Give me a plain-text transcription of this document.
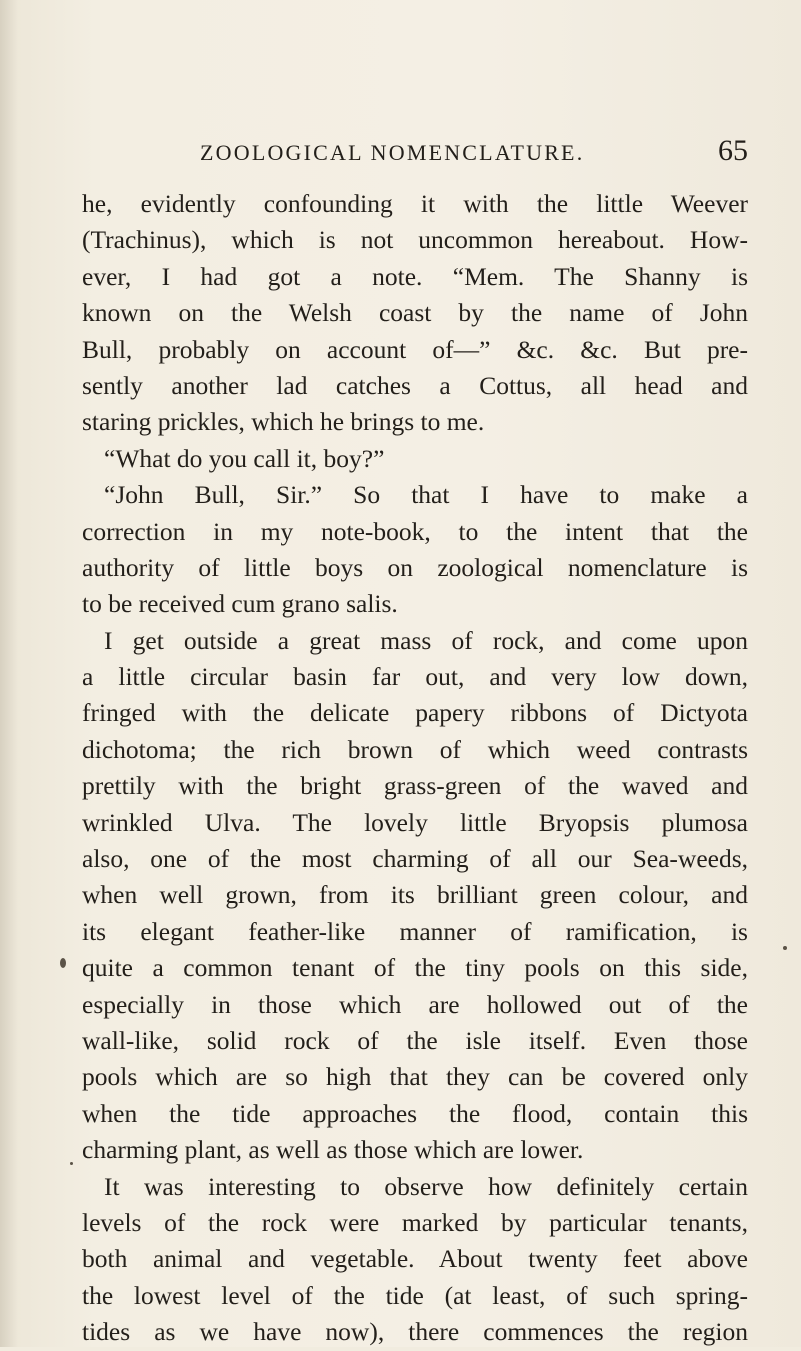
ZOOLOGICAL NOMENCLATURE.	65
he, evidently confounding it with the little Weever
(Trachinus), which is not uncommon hereabout. How-
ever, I had got a note. “Mem. The Shanny is
known on the Welsh coast by the name of John
Bull, probably on account of—” &c. &c. But pre-
sently another lad catches a Cottus, all head and
staring prickles, which he brings to me.
“What do you call it, boy?”
“John Bull, Sir.” So that I have to make a
correction in my note-book, to the intent that the
authority of little boys on zoological nomenclature is
to be received cum grano salis.
I get outside a great mass of rock, and come upon
a little circular basin far out, and very low down,
fringed with the delicate papery ribbons of Dictyota
dichotoma; the rich brown of which weed contrasts
prettily with the bright grass-green of the waved and
wrinkled Ulva. The lovely little Bryopsis plumosa
also, one of the most charming of all our Sea-weeds,
when well grown, from its brilliant green colour, and
its elegant feather-like manner of ramification, is
quite a common tenant of the tiny pools on this side,
especially in those which are hollowed out of the
wall-like, solid rock of the isle itself. Even those
pools which are so high that they can be covered only
when the tide approaches the flood, contain this
charming plant, as well as those which are lower.
It was interesting to observe how definitely certain
levels of the rock were marked by particular tenants,
both animal and vegetable. About twenty feet above
the lowest level of the tide (at least, of such spring-
tides as we have now), there commences the region
